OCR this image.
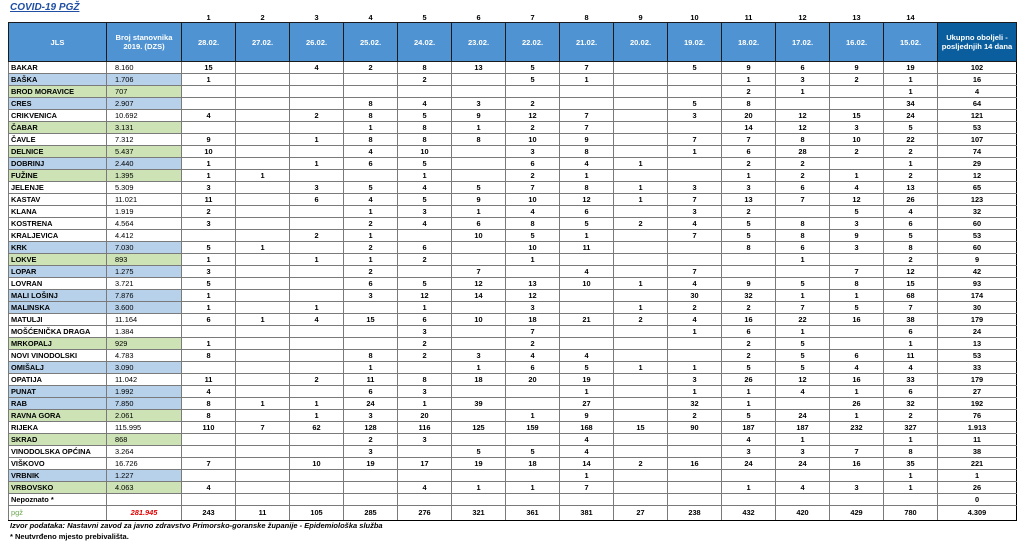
COVID-19 PGŽ
		1	2	3	4	5	6	7	8	9	10	11	12	13	14	
JLS	Broj stanovnika 2019. (DZS)	28.02.	27.02.	26.02.	25.02.	24.02.	23.02.	22.02.	21.02.	20.02.	19.02.	18.02.	17.02.	16.02.	15.02.	Ukupno oboljeli - posljednjih 14 dana
BAKAR	8.160	15		4	2	8	13	5	7		5	9	6	9	19	102
BAŠKA	1.706	1				2		5	1			1	3	2	1	16
BROD MORAVICE	707											2	1		1	4
CRES	2.907				8	4	3	2			5	8			34	64
CRIKVENICA	10.692	4		2	8	5	9	12	7		3	20	12	15	24	121
ČABAR	3.131				1	8	1	2	7			14	12	3	5	53
ČAVLE	7.312	9		1	8	8	8	10	9		7	7	8	10	22	107
DELNICE	5.437	10			4	10		3	8		1	6	28	2	2	74
DOBRINJ	2.440	1		1	6	5		6	4	1		2	2		1	29
FUŽINE	1.395	1	1			1		2	1			1	2	1	2	12
JELENJE	5.309	3		3	5	4	5	7	8	1	3	3	6	4	13	65
KASTAV	11.021	11		6	4	5	9	10	12	1	7	13	7	12	26	123
KLANA	1.919	2			1	3	1	4	6		3	2		5	4	32
KOSTRENA	4.564	3			2	4	6	8	5	2	4	5	8	3	6	60
KRALJEVICA	4.412			2	1		10	5	1		7	5	8	9	5	53
KRK	7.030	5	1		2	6		10	11			8	6	3	8	60
LOKVE	893	1		1	1	2		1					1		2	9
LOPAR	1.275	3			2		7		4		7			7	12	42
LOVRAN	3.721	5			6	5	12	13	10	1	4	9	5	8	15	93
MALI LOŠINJ	7.876	1			3	12	14	12			30	32	1	1	68	174
MALINSKA	3.600	1		1		1		3		1	2	2	7	5	7	30
MATULJI	11.164	6	1	4	15	6	10	18	21	2	4	16	22	16	38	179
MOŠĆENIČKA DRAGA	1.384					3		7			1	6	1		6	24
MRKOPALJ	929	1				2		2				2	5		1	13
NOVI VINODOLSKI	4.783	8			8	2	3	4	4			2	5	6	11	53
OMIŠALJ	3.090				1		1	6	5	1	1	5	5	4	4	33
OPATIJA	11.042	11		2	11	8	18	20	19		3	26	12	16	33	179
PUNAT	1.992	4			6	3			1		1	1	4	1	6	27
RAB	7.850	8	1	1	24	1	39		27		32	1		26	32	192
RAVNA GORA	2.061	8		1	3	20		1	9		2	5	24	1	2	76
RIJEKA	115.995	110	7	62	128	116	125	159	168	15	90	187	187	232	327	1.913
SKRAD	868				2	3			4			4	1		1	11
VINODOLSKA OPĆINA	3.264				3		5	5	4			3	3	7	8	38
VIŠKOVO	16.726	7		10	19	17	19	18	14	2	16	24	24	16	35	221
VRBNIK	1.227								1						1	1
VRBOVSKO	4.063	4				4	1	1	7			1	4	3	1	26
Nepoznato *																0
pgž	281.945	243	11	105	285	276	321	361	381	27	238	432	420	429	780	4.309
Izvor podataka: Nastavni zavod za javno zdravstvo Primorsko-goranske županije - Epidemiološka služba
* Neutvrđeno mjesto prebivališta.
